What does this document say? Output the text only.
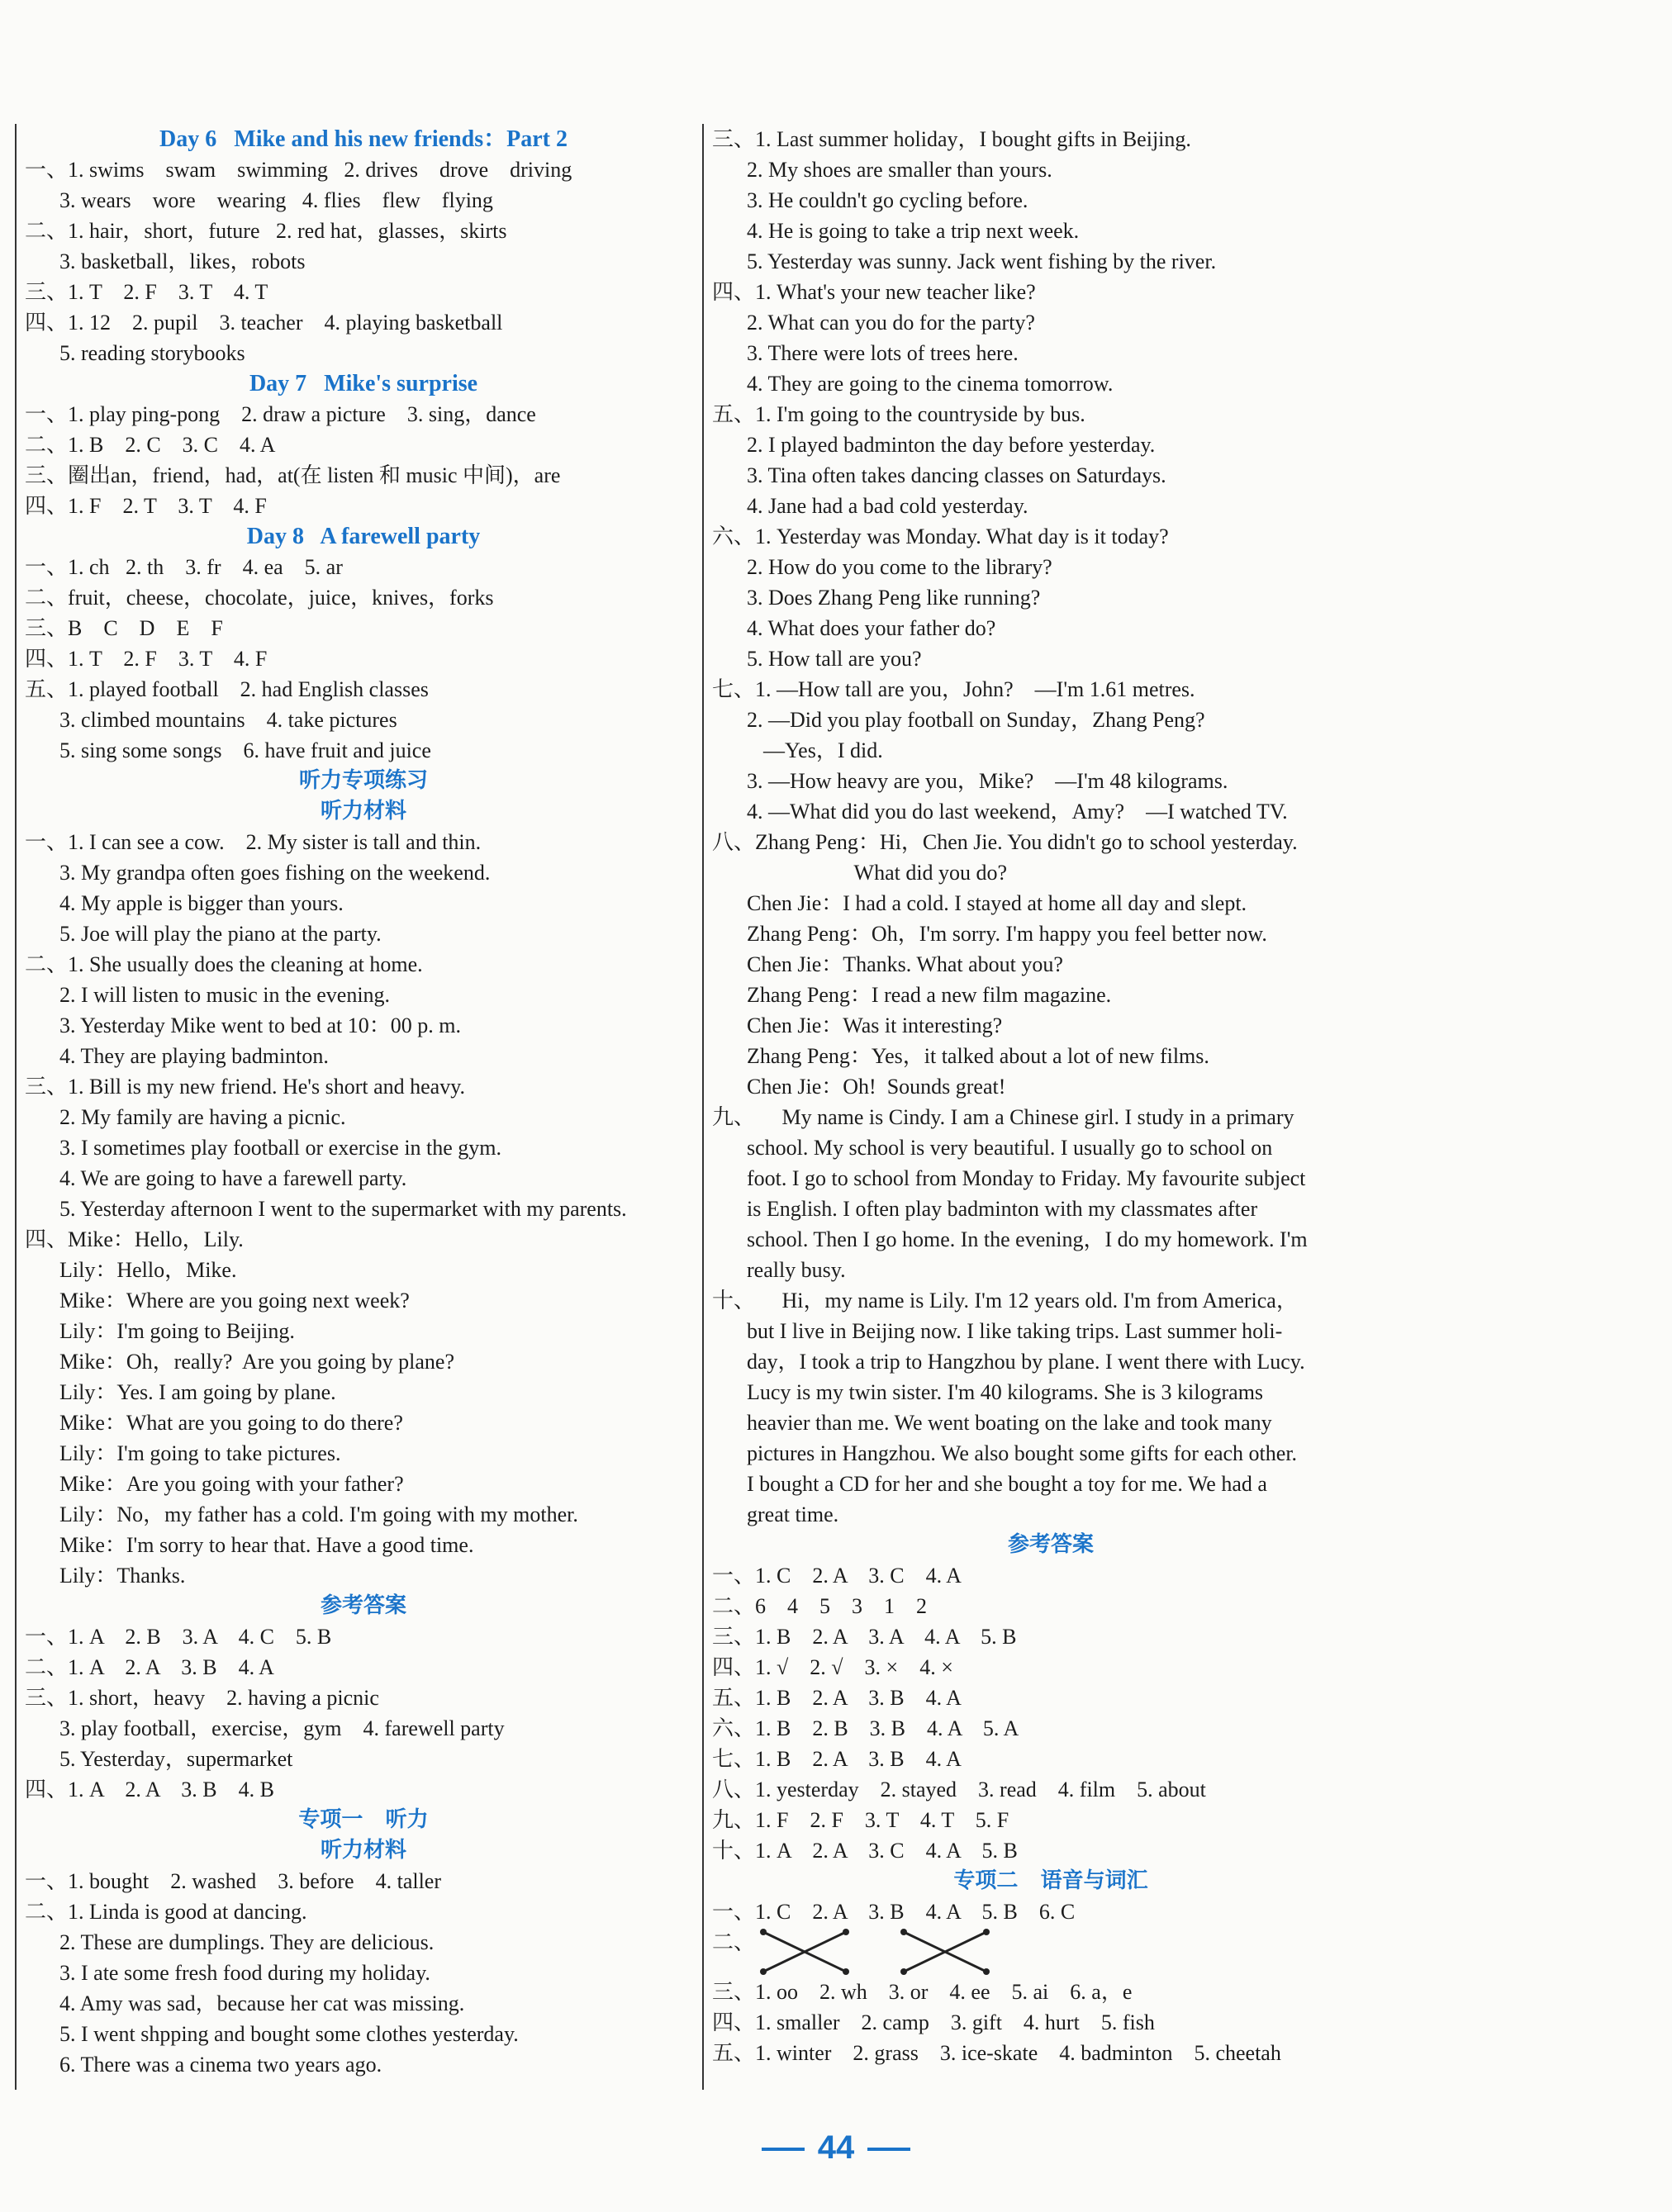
Day 6   Mike and his new friends：Part 2
一、1. swims    swam    swimming   2. drives    drove    driving
3. wears    wore    wearing   4. flies    flew    flying
二、1. hair，short，future   2. red hat，glasses，skirts
3. basketball，likes，robots
三、1. T    2. F    3. T    4. T
四、1. 12    2. pupil    3. teacher    4. playing basketball
5. reading storybooks
Day 7   Mike's surprise
一、1. play ping-pong    2. draw a picture    3. sing，dance
二、1. B    2. C    3. C    4. A
三、圈出an，friend，had，at(在 listen 和 music 中间)，are
四、1. F    2. T    3. T    4. F
Day 8   A farewell party
一、1. ch   2. th    3. fr    4. ea    5. ar
二、fruit，cheese，chocolate，juice，knives，forks
三、B    C    D    E    F
四、1. T    2. F    3. T    4. F
五、1. played football    2. had English classes
3. climbed mountains    4. take pictures
5. sing some songs    6. have fruit and juice
听力专项练习
听力材料
一、1. I can see a cow.    2. My sister is tall and thin.
3. My grandpa often goes fishing on the weekend.
4. My apple is bigger than yours.
5. Joe will play the piano at the party.
二、1. She usually does the cleaning at home.
2. I will listen to music in the evening.
3. Yesterday Mike went to bed at 10：00 p. m.
4. They are playing badminton.
三、1. Bill is my new friend. He's short and heavy.
2. My family are having a picnic.
3. I sometimes play football or exercise in the gym.
4. We are going to have a farewell party.
5. Yesterday afternoon I went to the supermarket with my parents.
四、Mike：Hello，Lily.
Lily：Hello，Mike.
Mike：Where are you going next week?
Lily：I'm going to Beijing.
Mike：Oh，really?  Are you going by plane?
Lily：Yes. I am going by plane.
Mike：What are you going to do there?
Lily：I'm going to take pictures.
Mike：Are you going with your father?
Lily：No，my father has a cold. I'm going with my mother.
Mike：I'm sorry to hear that. Have a good time.
Lily：Thanks.
参考答案
一、1. A    2. B    3. A    4. C    5. B
二、1. A    2. A    3. B    4. A
三、1. short，heavy    2. having a picnic
3. play football，exercise，gym    4. farewell party
5. Yesterday，supermarket
四、1. A    2. A    3. B    4. B
专项一   听力
听力材料
一、1. bought    2. washed    3. before    4. taller
二、1. Linda is good at dancing.
2. These are dumplings. They are delicious.
3. I ate some fresh food during my holiday.
4. Amy was sad，because her cat was missing.
5. I went shpping and bought some clothes yesterday.
6. There was a cinema two years ago.
三、1. Last summer holiday，I bought gifts in Beijing.
2. My shoes are smaller than yours.
3. He couldn't go cycling before.
4. He is going to take a trip next week.
5. Yesterday was sunny. Jack went fishing by the river.
四、1. What's your new teacher like?
2. What can you do for the party?
3. There were lots of trees here.
4. They are going to the cinema tomorrow.
五、1. I'm going to the countryside by bus.
2. I played badminton the day before yesterday.
3. Tina often takes dancing classes on Saturdays.
4. Jane had a bad cold yesterday.
六、1. Yesterday was Monday. What day is it today?
2. How do you come to the library?
3. Does Zhang Peng like running?
4. What does your father do?
5. How tall are you?
七、1. —How tall are you，John?    —I'm 1.61 metres.
2. —Did you play football on Sunday，Zhang Peng?
—Yes，I did.
3. —How heavy are you，Mike?    —I'm 48 kilograms.
4. —What did you do last weekend，Amy?    —I watched TV.
八、Zhang Peng：Hi，Chen Jie. You didn't go to school yesterday.
What did you do?
Chen Jie：I had a cold. I stayed at home all day and slept.
Zhang Peng：Oh，I'm sorry. I'm happy you feel better now.
Chen Jie：Thanks. What about you?
Zhang Peng：I read a new film magazine.
Chen Jie：Was it interesting?
Zhang Peng：Yes，it talked about a lot of new films.
Chen Jie：Oh!  Sounds great!
九、     My name is Cindy. I am a Chinese girl. I study in a primary
school. My school is very beautiful. I usually go to school on
foot. I go to school from Monday to Friday. My favourite subject
is English. I often play badminton with my classmates after
school. Then I go home. In the evening，I do my homework. I'm
really busy.
十、     Hi，my name is Lily. I'm 12 years old. I'm from America，
but I live in Beijing now. I like taking trips. Last summer holi-
day，I took a trip to Hangzhou by plane. I went there with Lucy.
Lucy is my twin sister. I'm 40 kilograms. She is 3 kilograms
heavier than me. We went boating on the lake and took many
pictures in Hangzhou. We also bought some gifts for each other.
I bought a CD for her and she bought a toy for me. We had a
great time.
参考答案
一、1. C    2. A    3. C    4. A
二、6    4    5    3    1    2
三、1. B    2. A    3. A    4. A    5. B
四、1. √    2. √    3. ×    4. ×
五、1. B    2. A    3. B    4. A
六、1. B    2. B    3. B    4. A    5. A
七、1. B    2. A    3. B    4. A
八、1. yesterday    2. stayed    3. read    4. film    5. about
九、1. F    2. F    3. T    4. T    5. F
十、1. A    2. A    3. C    4. A    5. B
专项二   语音与词汇
一、1. C    2. A    3. B    4. A    5. B    6. C
二、
三、1. oo    2. wh    3. or    4. ee    5. ai    6. a，e
四、1. smaller    2. camp    3. gift    4. hurt    5. fish
五、1. winter    2. grass    3. ice-skate    4. badminton    5. cheetah
44
